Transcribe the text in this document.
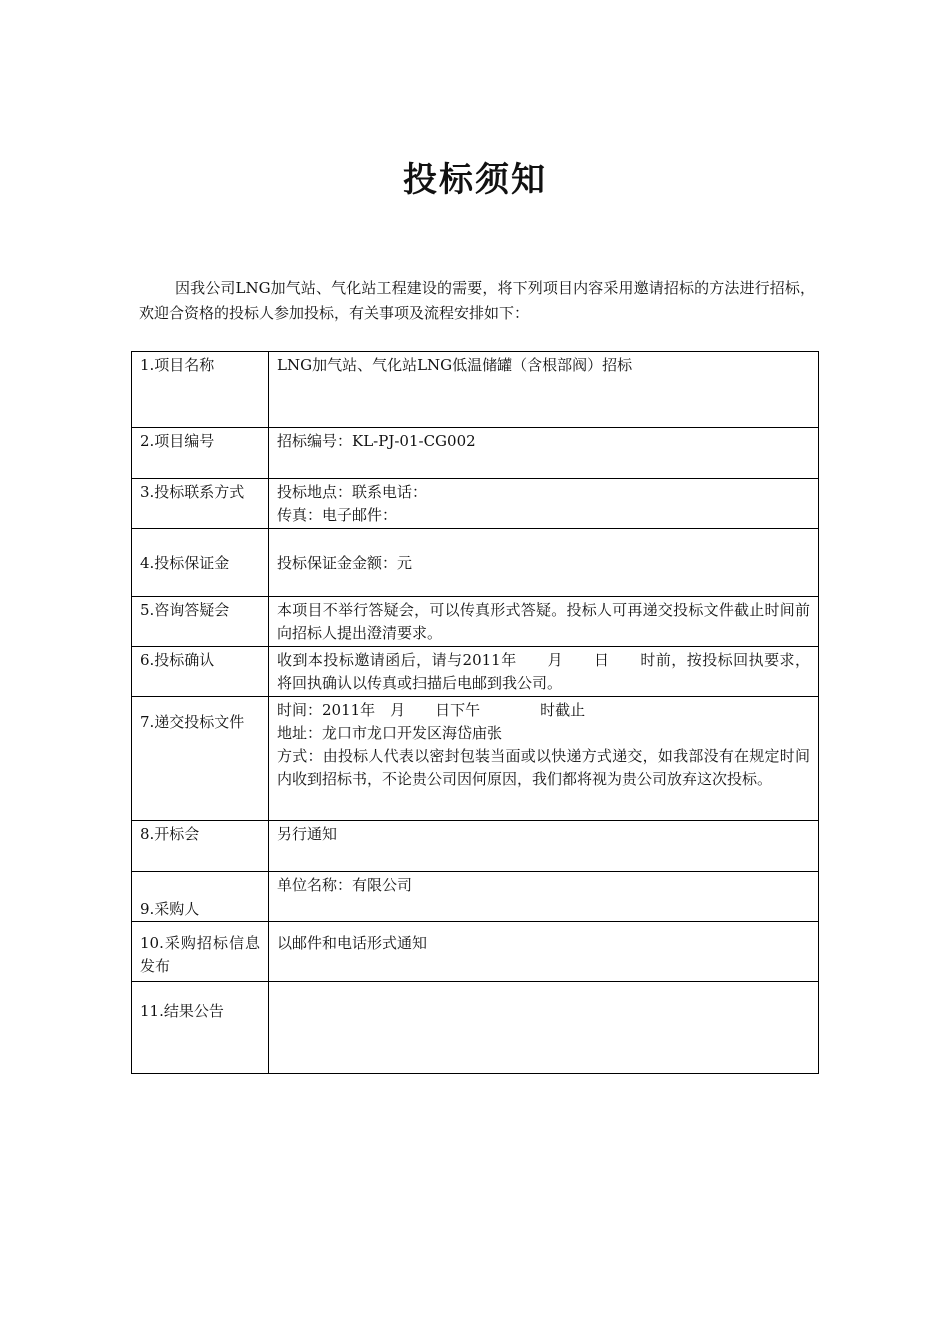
投标须知
因我公司LNG加气站、气化站工程建设的需要，将下列项目内容采用邀请招标的方法进行招标，欢迎合资格的投标人参加投标，有关事项及流程安排如下：
1.项目名称	LNG加气站、气化站LNG低温储罐（含根部阀）招标
2.项目编号	招标编号：KL-PJ-01-CG002
3.投标联系方式	投标地点：联系电话：
传真：电子邮件：

4.投标保证金	投标保证金金额：元
5.咨询答疑会	本项目不举行答疑会，可以传真形式答疑。投标人可再递交投标文件截止时间前向招标人提出澄清要求。
6.投标确认	收到本投标邀请函后，请与2011年　　月　　日　　时前，按投标回执要求，将回执确认以传真或扫描后电邮到我公司。
7.递交投标文件	时间：2011年　月　　日下午　　　　时截止
地址：龙口市龙口开发区海岱庙张
方式：由投标人代表以密封包装当面或以快递方式递交，如我部没有在规定时间内收到招标书，不论贵公司因何原因，我们都将视为贵公司放弃这次投标。

8.开标会	另行通知
9.采购人	单位名称：有限公司
10.采购招标信息发布	以邮件和电话形式通知
11.结果公告	
